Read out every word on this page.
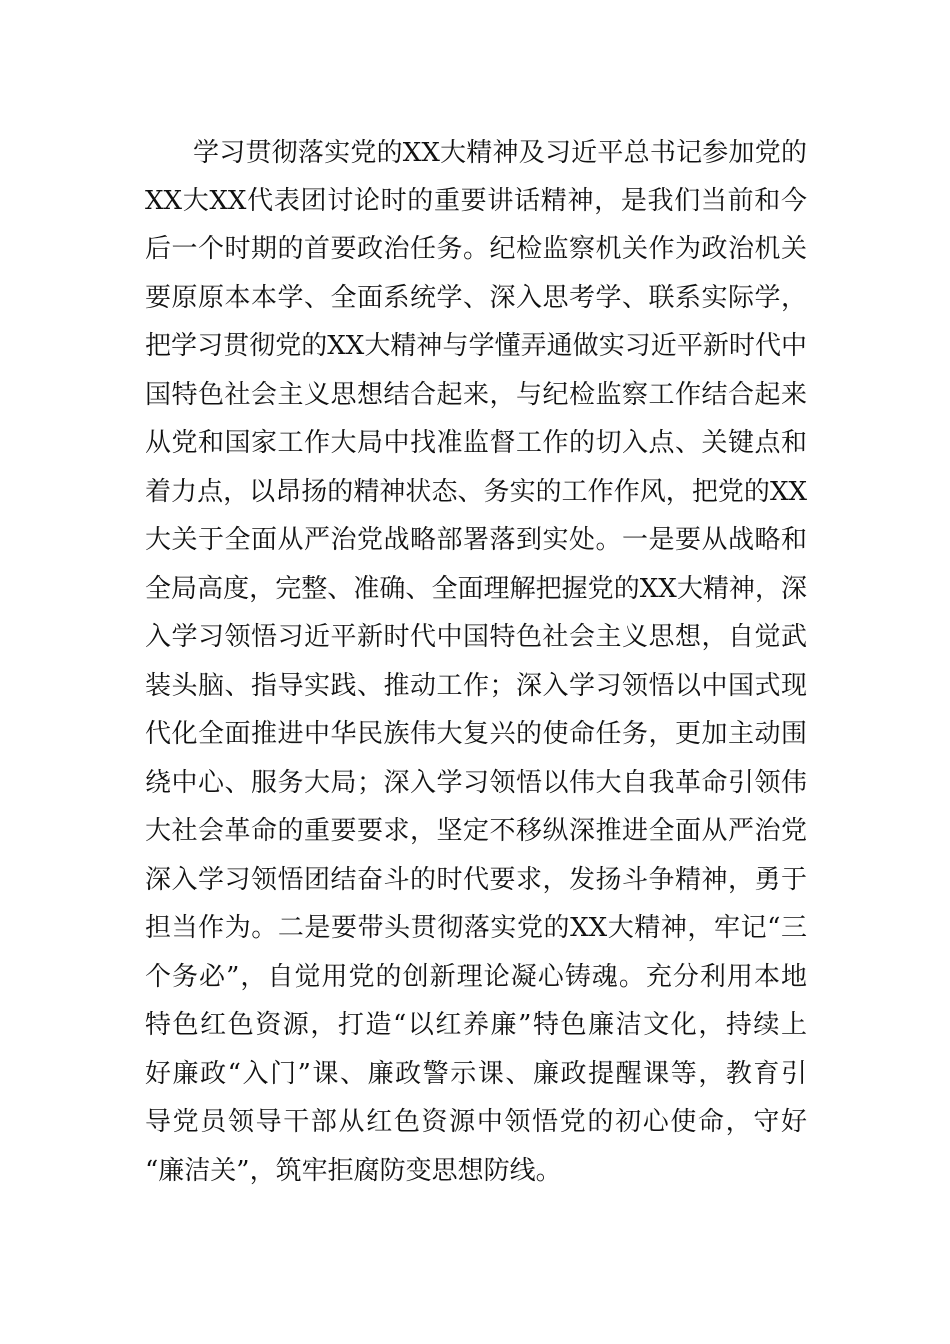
学习贯彻落实党的XX大精神及习近平总书记参加党的
XX大XX代表团讨论时的重要讲话精神，是我们当前和今
后一个时期的首要政治任务。纪检监察机关作为政治机关
要原原本本学、全面系统学、深入思考学、联系实际学，
把学习贯彻党的XX大精神与学懂弄通做实习近平新时代中
国特色社会主义思想结合起来，与纪检监察工作结合起来
从党和国家工作大局中找准监督工作的切入点、关键点和
着力点，以昂扬的精神状态、务实的工作作风，把党的XX
大关于全面从严治党战略部署落到实处。一是要从战略和
全局高度，完整、准确、全面理解把握党的XX大精神，深
入学习领悟习近平新时代中国特色社会主义思想，自觉武
装头脑、指导实践、推动工作；深入学习领悟以中国式现
代化全面推进中华民族伟大复兴的使命任务，更加主动围
绕中心、服务大局；深入学习领悟以伟大自我革命引领伟
大社会革命的重要要求，坚定不移纵深推进全面从严治党
深入学习领悟团结奋斗的时代要求，发扬斗争精神，勇于
担当作为。二是要带头贯彻落实党的XX大精神，牢记“三
个务必”，自觉用党的创新理论凝心铸魂。充分利用本地
特色红色资源，打造“以红养廉”特色廉洁文化，持续上
好廉政“入门”课、廉政警示课、廉政提醒课等，教育引
导党员领导干部从红色资源中领悟党的初心使命，守好
“廉洁关”，筑牢拒腐防变思想防线。
